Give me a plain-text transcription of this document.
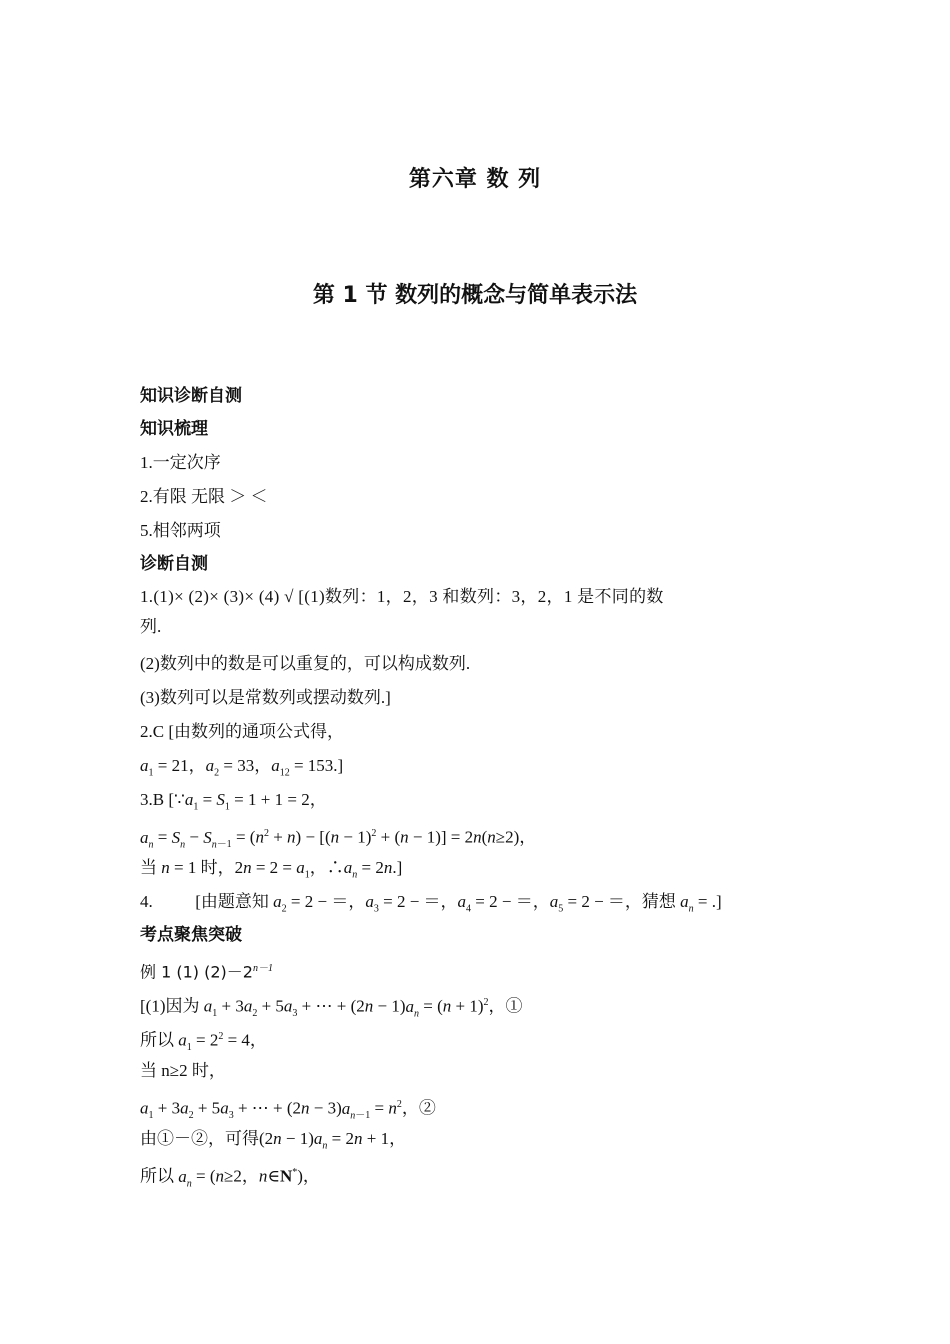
第六章 数 列
第 1 节 数列的概念与简单表示法
知识诊断自测
知识梳理
1.一定次序
2.有限 无限 ＞ ＜
5.相邻两项
诊断自测
1.(1)× (2)× (3)× (4) √ [(1)数列：1，2，3 和数列：3，2，1 是不同的数
列.
(2)数列中的数是可以重复的，可以构成数列.
(3)数列可以是常数列或摆动数列.]
2.C [由数列的通项公式得，
$a_1 = 21$，$a_2 = 33$，$a_{12} = 153$.]
3.B [$\because a_1 = S_1 = 1 + 1 = 2$，
$a_n = S_n - S_{n-1} = (n^2 + n) - [(n - 1)^2 + (n - 1)] = 2n(n\ge 2)$，
当 n = 1 时，$2n = 2 = a_1$，$\therefore a_n = 2n$.]
4.          [由题意知 $a_2 = 2$ − ＝，$a_3 = 2$ − ＝，$a_4 = 2$ − ＝，$a_5 = 2$ − ＝，猜想 $a_n$ = .]
考点聚焦突破
例 1 (1) $(2)-2^{n-1}$
[(1)因为 $a_1 + 3a_2 + 5a_3$ + ⋯ + $(2n - 1)a_n = (n + 1)^2$，①
所以 $a_1 = 2^2 = 4$，
当 n≥2 时，
$a_1 + 3a_2 + 5a_3$ + ⋯ + $(2n - 3)a_{n-1} = n^2$，②
由①－②，可得$(2n - 1)a_n = 2n + 1$，
所以 $a_n = (n\ge 2$，n∈N*)，
